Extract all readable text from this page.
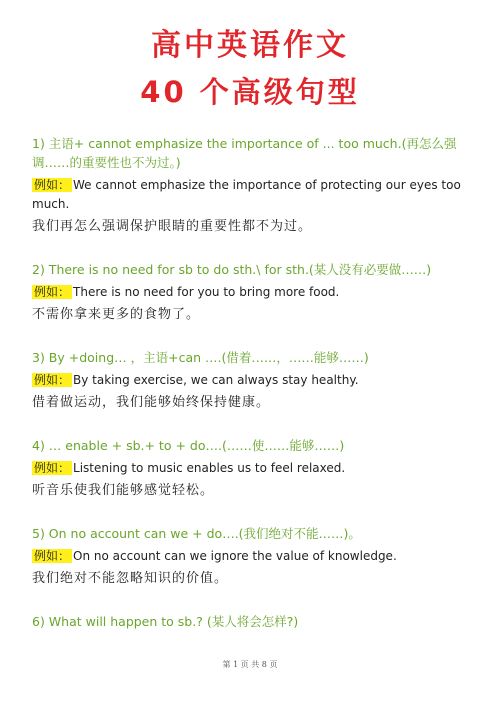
高中英语作文
40 个高级句型

1) 主语+ cannot emphasize the importance of ... too much.(再怎么强调……的重要性也不为过。)

例如： We cannot emphasize the importance of protecting our eyes too much.

我们再怎么强调保护眼睛的重要性都不为过。

2) There is no need for sb to do sth.\ for sth.(某人没有必要做……)

例如： There is no need for you to bring more food.

不需你拿来更多的食物了。

3) By +doing… ，主语+can ….(借着……，……能够……)

例如： By taking exercise, we can always stay healthy.

借着做运动，我们能够始终保持健康。

4) … enable + sb.+ to + do….(……使……能够……)

例如： Listening to music enables us to feel relaxed.

听音乐使我们能够感觉轻松。

5) On no account can we + do….(我们绝对不能……)。

例如： On no account can we ignore the value of knowledge.

我们绝对不能忽略知识的价值。

6) What will happen to sb.? (某人将会怎样?)

第 1 页 共 8 页
